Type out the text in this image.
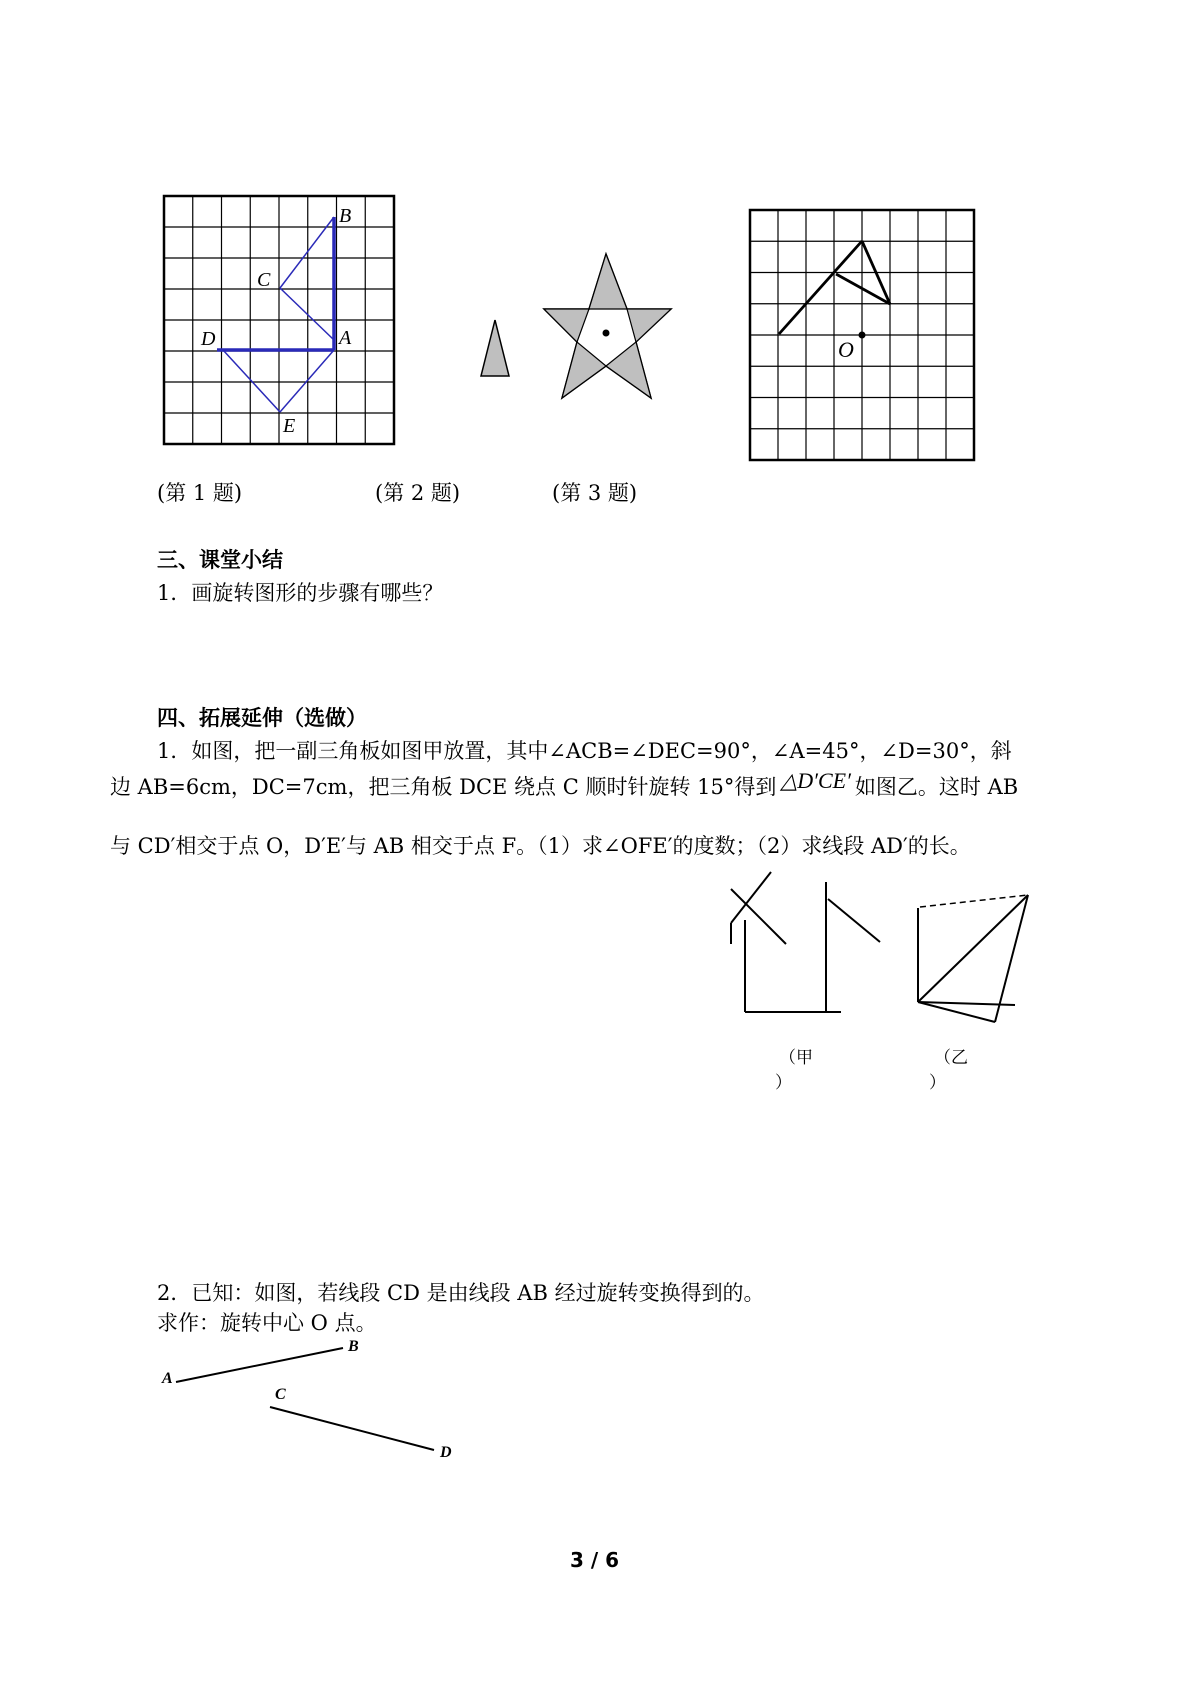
B
C
D	A
E
O
(第 1 题)	(第 2 题)	(第 3 题)
三、课堂小结
1．画旋转图形的步骤有哪些？
四、拓展延伸（选做）
1．如图，把一副三角板如图甲放置，其中∠ACB=∠DEC=90°，∠A=45°，∠D=30°，斜
边 AB=6cm，DC=7cm，把三角板 DCE 绕点 C 顺时针旋转 15°得到 △D′CE′ 如图乙。这时 AB
与 CD′相交于点 O，D′E′与 AB 相交于点 F。（1）求∠OFE′的度数；（2）求线段 AD′的长。
（甲
）
（乙
）
2．已知：如图，若线段 CD 是由线段 AB 经过旋转变换得到的。
求作：旋转中心 O 点。
A
B
C
D
3 / 6
